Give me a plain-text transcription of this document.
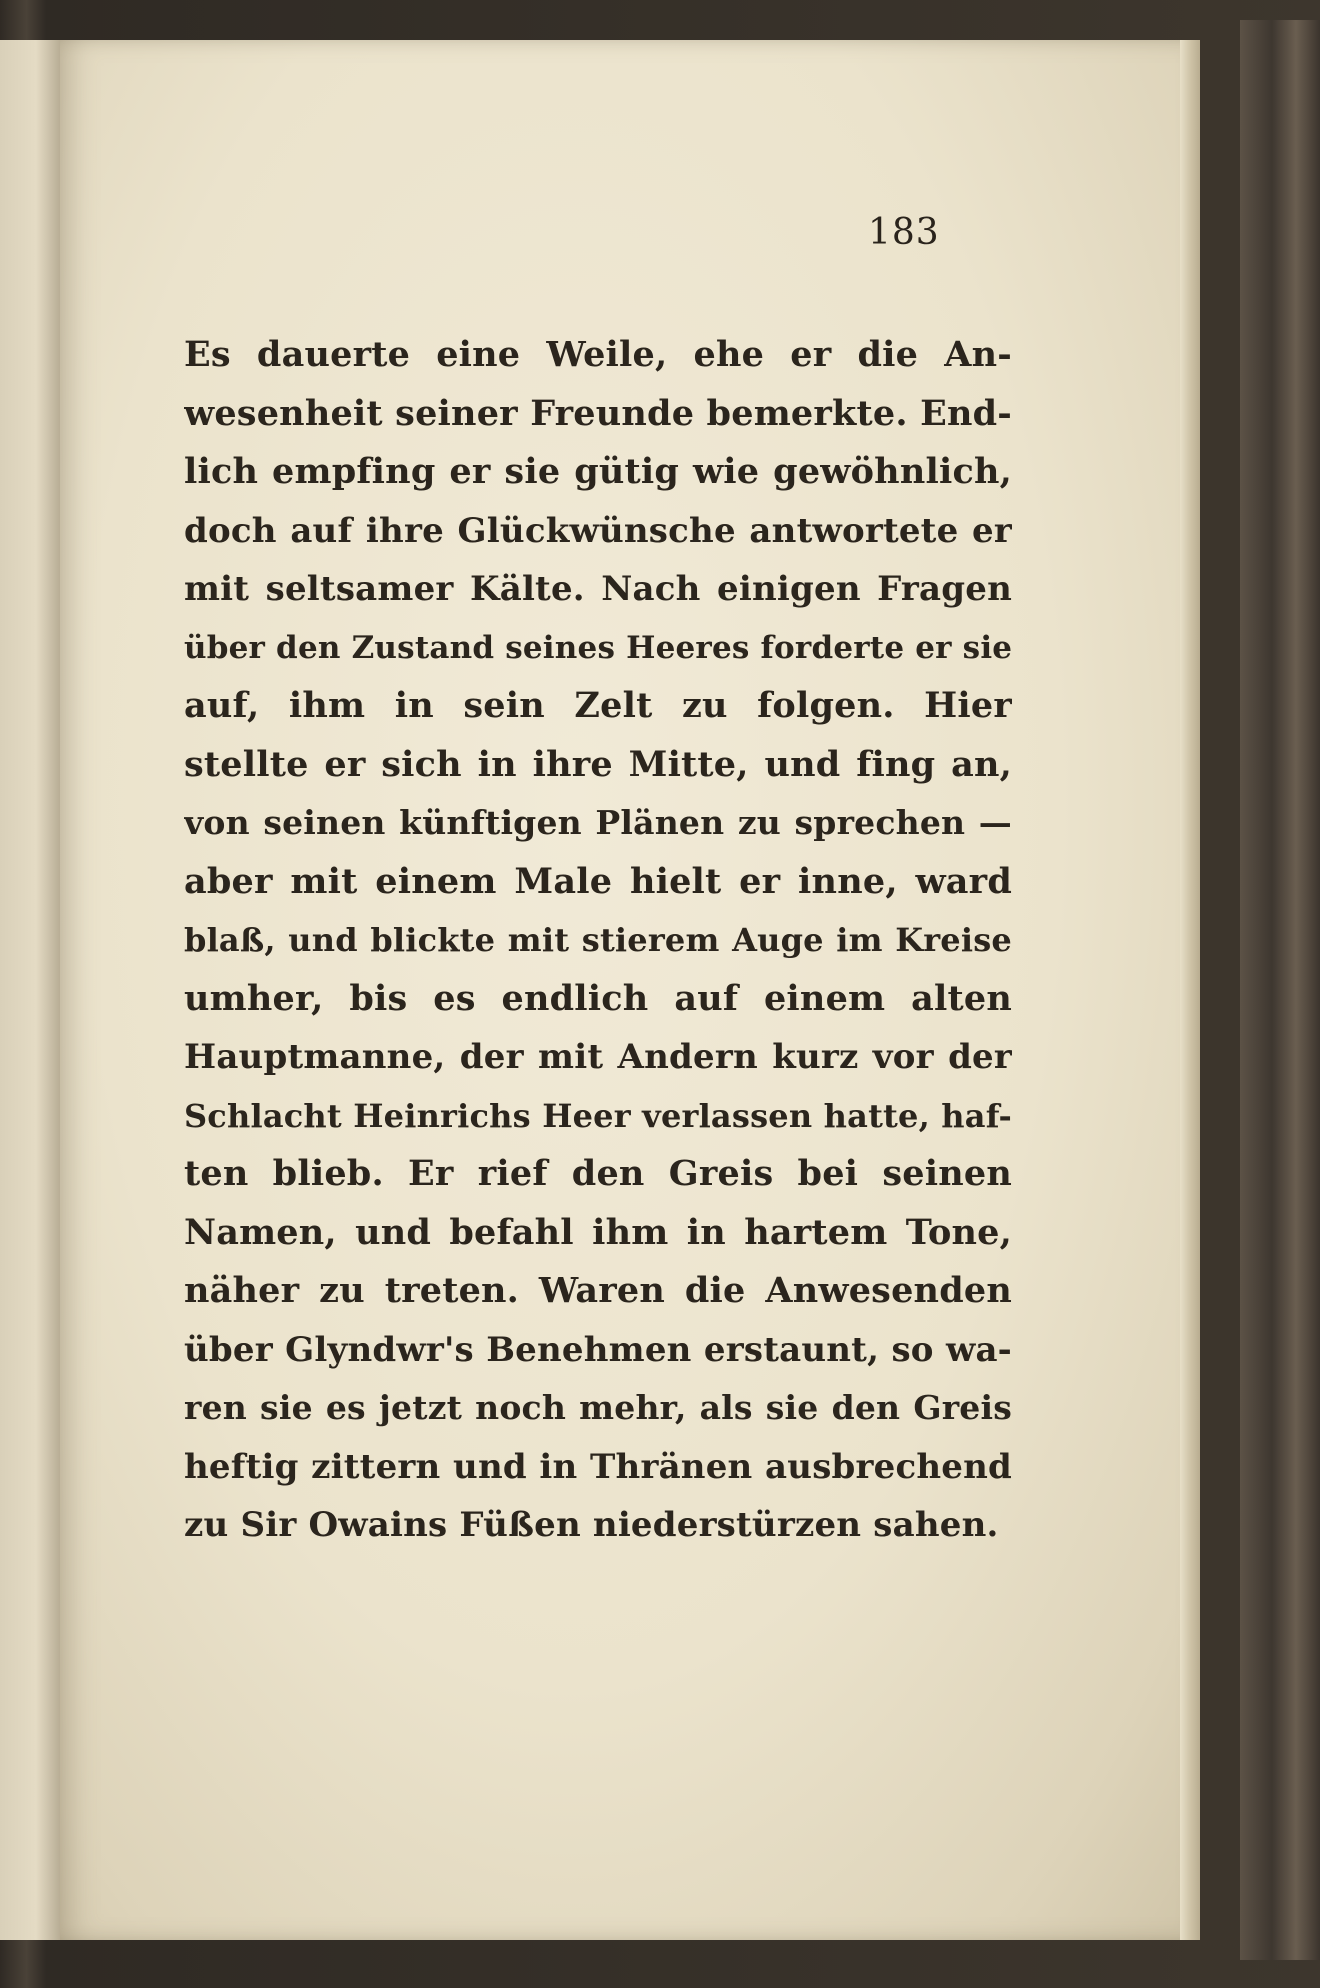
183
Es dauerte eine Weile, ehe er die An-
wesenheit seiner Freunde bemerkte. End-
lich empfing er sie gütig wie gewöhnlich,
doch auf ihre Glückwünsche antwortete er
mit seltsamer Kälte. Nach einigen Fragen
über den Zustand seines Heeres forderte er sie
auf, ihm in sein Zelt zu folgen. Hier
stellte er sich in ihre Mitte, und fing an,
von seinen künftigen Plänen zu sprechen —
aber mit einem Male hielt er inne, ward
blaß, und blickte mit stierem Auge im Kreise
umher, bis es endlich auf einem alten
Hauptmanne, der mit Andern kurz vor der
Schlacht Heinrichs Heer verlassen hatte, haf-
ten blieb. Er rief den Greis bei seinen
Namen, und befahl ihm in hartem Tone,
näher zu treten. Waren die Anwesenden
über Glyndwr's Benehmen erstaunt, so wa-
ren sie es jetzt noch mehr, als sie den Greis
heftig zittern und in Thränen ausbrechend
zu Sir Owains Füßen niederstürzen sahen.
